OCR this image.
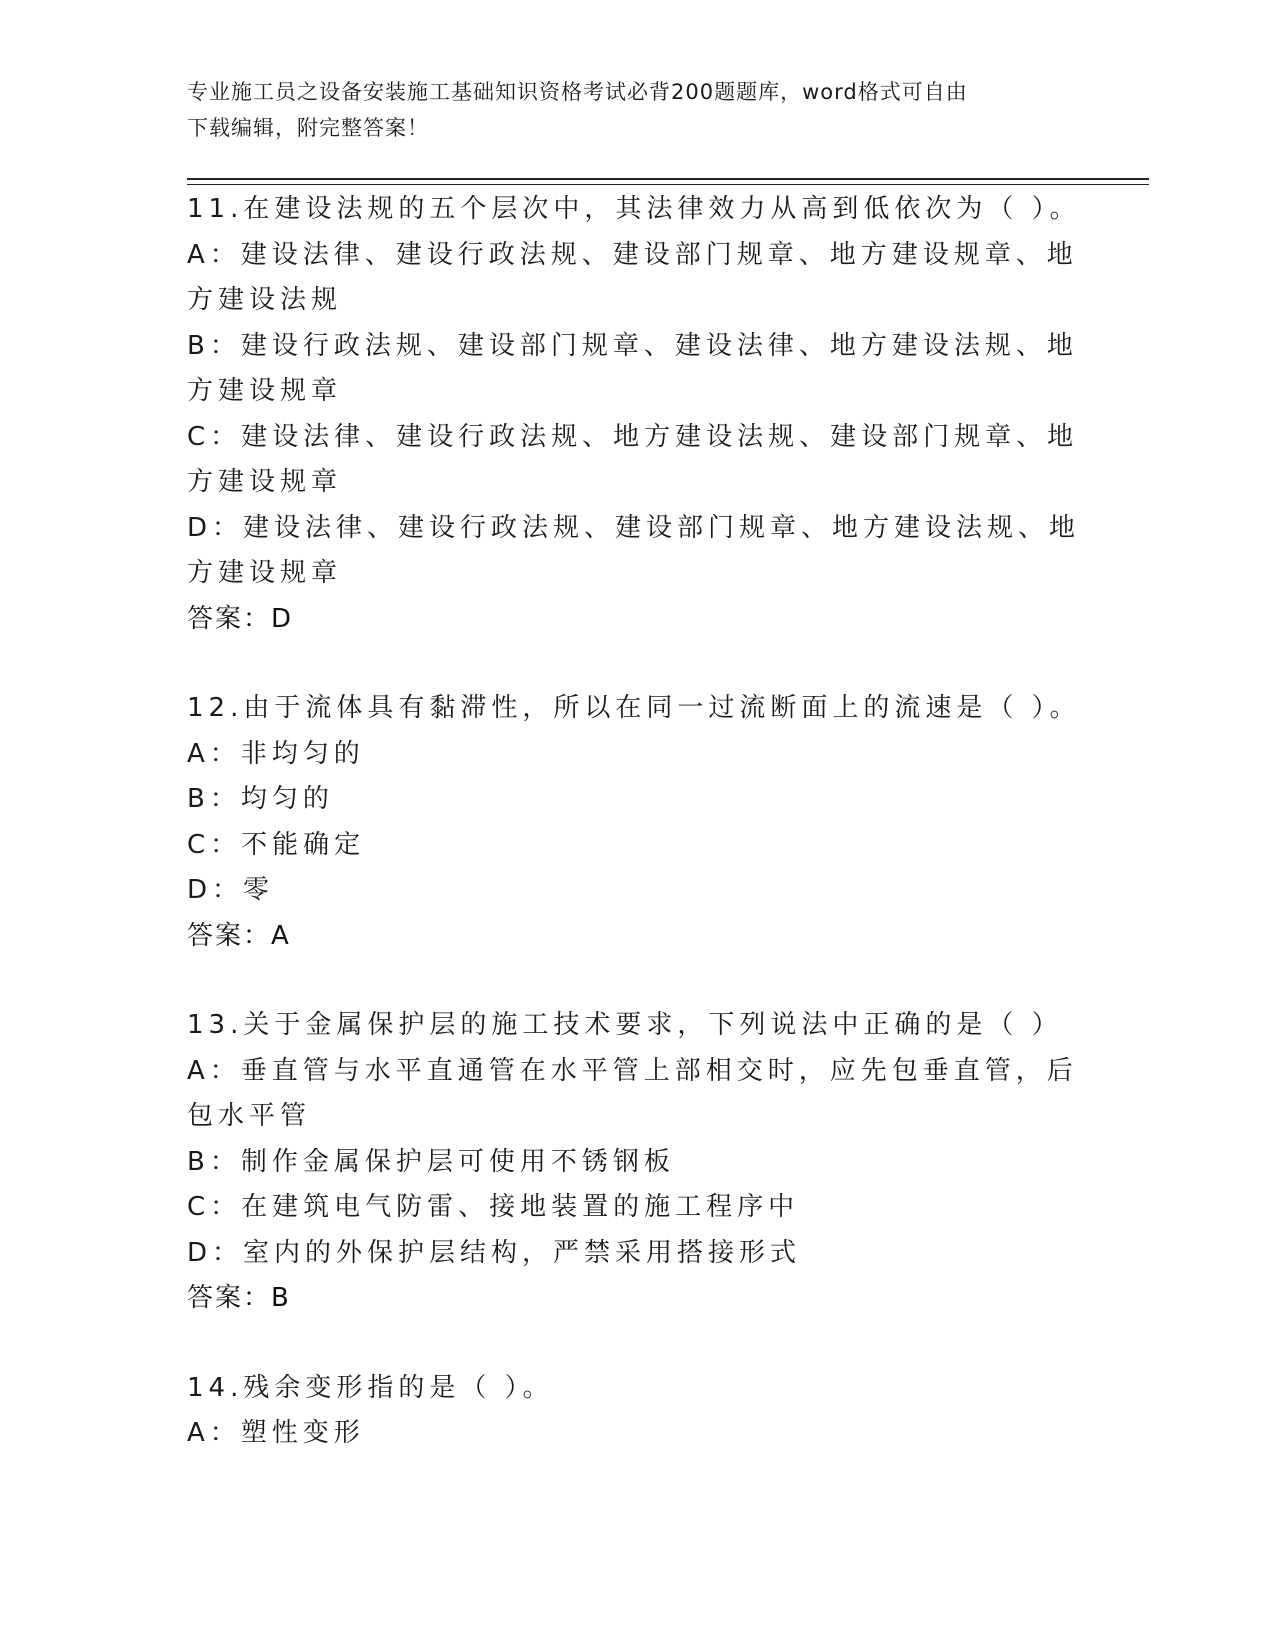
专业施工员之设备安装施工基础知识资格考试必背200题题库，word格式可自由
下载编辑，附完整答案！
11.在建设法规的五个层次中，其法律效力从高到低依次为（ ）。
A：建设法律、建设行政法规、建设部门规章、地方建设规章、地方建设法规
B：建设行政法规、建设部门规章、建设法律、地方建设法规、地方建设规章
C：建设法律、建设行政法规、地方建设法规、建设部门规章、地方建设规章
D：建设法律、建设行政法规、建设部门规章、地方建设法规、地方建设规章
答案：D
12.由于流体具有黏滞性，所以在同一过流断面上的流速是（ ）。
A：非均匀的
B：均匀的
C：不能确定
D：零
答案：A
13.关于金属保护层的施工技术要求，下列说法中正确的是（ ）
A：垂直管与水平直通管在水平管上部相交时，应先包垂直管，后包水平管
B：制作金属保护层可使用不锈钢板
C：在建筑电气防雷、接地装置的施工程序中
D：室内的外保护层结构，严禁采用搭接形式
答案：B
14.残余变形指的是（ ）。
A：塑性变形
